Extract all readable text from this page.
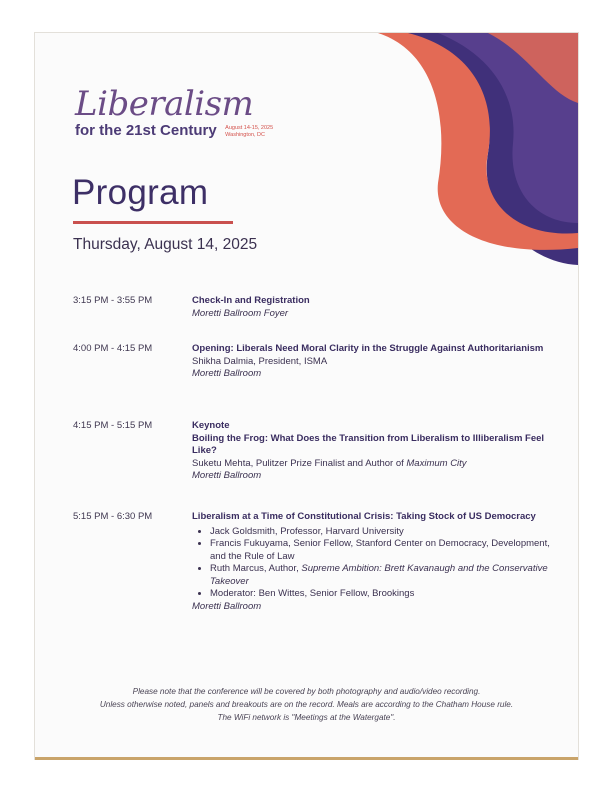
Liberalism

for the 21st Century August 14-15, 2025
Washington, DC
Program

Thursday, August 14, 2025

3:15 PM - 3:55 PM	Check-In and Registration
Moretti Ballroom Foyer
4:00 PM - 4:15 PM	Opening: Liberals Need Moral Clarity in the Struggle Against Authoritarianism
Shikha Dalmia, President, ISMA
Moretti Ballroom
4:15 PM - 5:15 PM	Keynote
Boiling the Frog: What Does the Transition from Liberalism to Illiberalism Feel Like?
Suketu Mehta, Pulitzer Prize Finalist and Author of Maximum City
Moretti Ballroom
5:15 PM - 6:30 PM	Liberalism at a Time of Constitutional Crisis: Taking Stock of US Democracy
• Jack Goldsmith, Professor, Harvard University
• Francis Fukuyama, Senior Fellow, Stanford Center on Democracy, Development, and the Rule of Law
• Ruth Marcus, Author, Supreme Ambition: Brett Kavanaugh and the Conservative Takeover
• Moderator: Ben Wittes, Senior Fellow, Brookings
Moretti Ballroom
Please note that the conference will be covered by both photography and audio/video recording.
Unless otherwise noted, panels and breakouts are on the record. Meals are according to the Chatham House rule.
The WiFi network is "Meetings at the Watergate".
